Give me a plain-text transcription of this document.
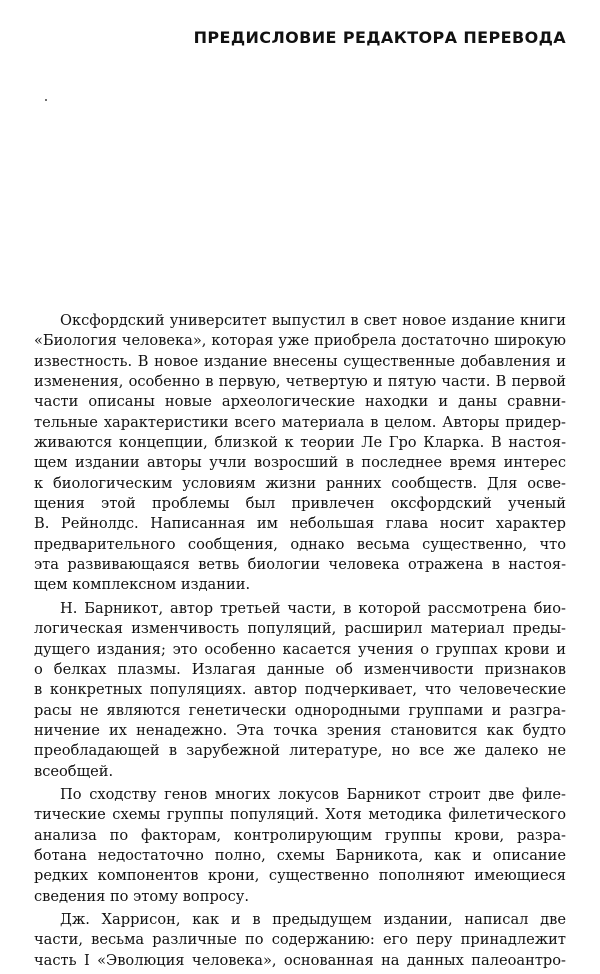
ПРЕДИСЛОВИЕ РЕДАКТОРА ПЕРЕВОДА
Оксфордский университет выпустил в свет новое издание книги
«Биология человека», которая уже приобрела достаточно широкую
известность. В новое издание внесены существенные добавления и
изменения, особенно в первую, четвертую и пятую части. В первой
части описаны новые археологические находки и даны сравни-
тельные характеристики всего материала в целом. Авторы придер-
живаются концепции, близкой к теории Ле Гро Кларка. В настоя-
щем издании авторы учли возросший в последнее время интерес
к биологическим условиям жизни ранних сообществ. Для осве-
щения этой проблемы был привлечен оксфордский ученый
В. Рейнолдс. Написанная им небольшая глава носит характер
предварительного сообщения, однако весьма существенно, что
эта развивающаяся ветвь биологии человека отражена в настоя-
щем комплексном издании.
Н. Барникот, автор третьей части, в которой рассмотрена био-
логическая изменчивость популяций, расширил материал преды-
дущего издания; это особенно касается учения о группах крови и
о белках плазмы. Излагая данные об изменчивости признаков
в конкретных популяциях. автор подчеркивает, что человеческие
расы не являются генетически однородными группами и разгра-
ничение их ненадежно. Эта точка зрения становится как будто
преобладающей в зарубежной литературе, но все же далеко не
всеобщей.
По сходству генов многих локусов Барникот строит две филе-
тические схемы группы популяций. Хотя методика филетического
анализа по факторам, контролирующим группы крови, разра-
ботана недостаточно полно, схемы Барникота, как и описание
редких компонентов крони, существенно пополняют имеющиеся
сведения по этому вопросу.
Дж. Харрисон, как и в предыдущем издании, написал две
части, весьма различные по содержанию: его перу принадлежит
часть I «Эволюция человека», основанная на данных палеоантро-
